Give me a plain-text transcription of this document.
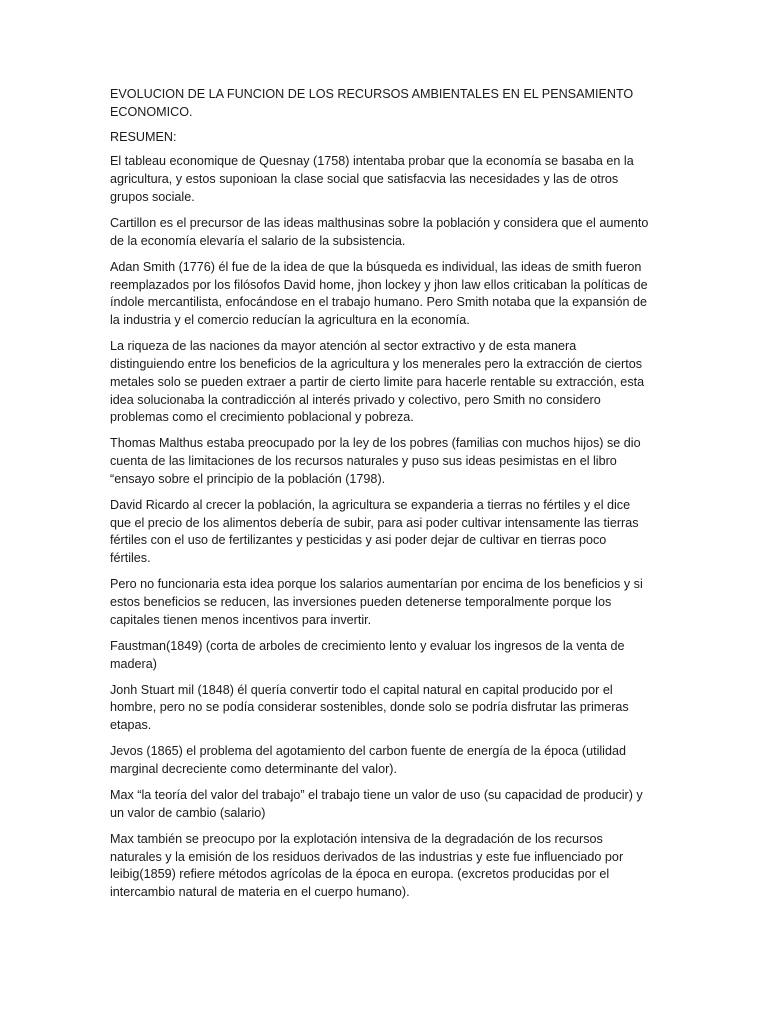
EVOLUCION DE LA FUNCION DE LOS RECURSOS AMBIENTALES EN EL PENSAMIENTO ECONOMICO.

RESUMEN:

El tableau economique de Quesnay (1758) intentaba probar que la economía se basaba en la agricultura, y estos suponioan la clase social que satisfacvia las necesidades y las de otros grupos sociale.

Cartillon es el precursor de las ideas malthusinas sobre la población y considera que el aumento de la economía elevaría el salario de la subsistencia.

Adan Smith (1776) él fue de la idea de que la búsqueda es individual, las ideas de smith fueron reemplazados por los filósofos David home, jhon lockey y jhon law ellos criticaban la políticas de índole mercantilista, enfocándose en el trabajo humano. Pero Smith notaba que la expansión de la industria y el comercio reducían la agricultura en la economía.

La riqueza de las naciones da mayor atención al sector extractivo y de esta manera distinguiendo entre los beneficios de la agricultura y los menerales pero la extracción de ciertos metales solo se pueden extraer a partir de cierto limite para hacerle rentable su extracción, esta idea solucionaba la contradicción al interés privado y colectivo, pero Smith no considero problemas como el crecimiento poblacional y pobreza.

Thomas Malthus estaba preocupado por la ley de los pobres (familias con muchos hijos) se dio cuenta de las limitaciones de los recursos naturales y puso sus ideas pesimistas en el libro “ensayo sobre el principio de la población (1798).

David Ricardo al crecer la población, la agricultura se expanderia a tierras no fértiles y el dice que el precio de los alimentos debería de subir, para asi poder cultivar intensamente las tierras fértiles con el uso de fertilizantes y pesticidas y asi poder dejar de cultivar en tierras poco fértiles.

Pero no funcionaria esta idea porque los salarios aumentarían por encima de los beneficios y si estos beneficios se reducen, las inversiones pueden detenerse temporalmente porque los capitales tienen menos incentivos para invertir.

Faustman(1849) (corta de arboles de crecimiento lento y evaluar los ingresos de la venta de madera)

Jonh Stuart mil (1848) él quería convertir todo el capital natural en capital producido por el hombre, pero no se podía considerar sostenibles, donde solo se podría disfrutar las primeras etapas.

Jevos (1865) el problema del agotamiento del carbon fuente de energía de la época (utilidad marginal decreciente como determinante del valor).

Max “la teoría del valor del trabajo” el trabajo tiene un valor de uso (su capacidad de producir) y un valor de cambio (salario)

Max también se preocupo por la explotación intensiva de la degradación de los recursos naturales y la emisión de los residuos derivados de las industrias y este fue influenciado por leibig(1859) refiere métodos agrícolas de la época en europa. (excretos producidas por el intercambio natural de materia en el cuerpo humano).
